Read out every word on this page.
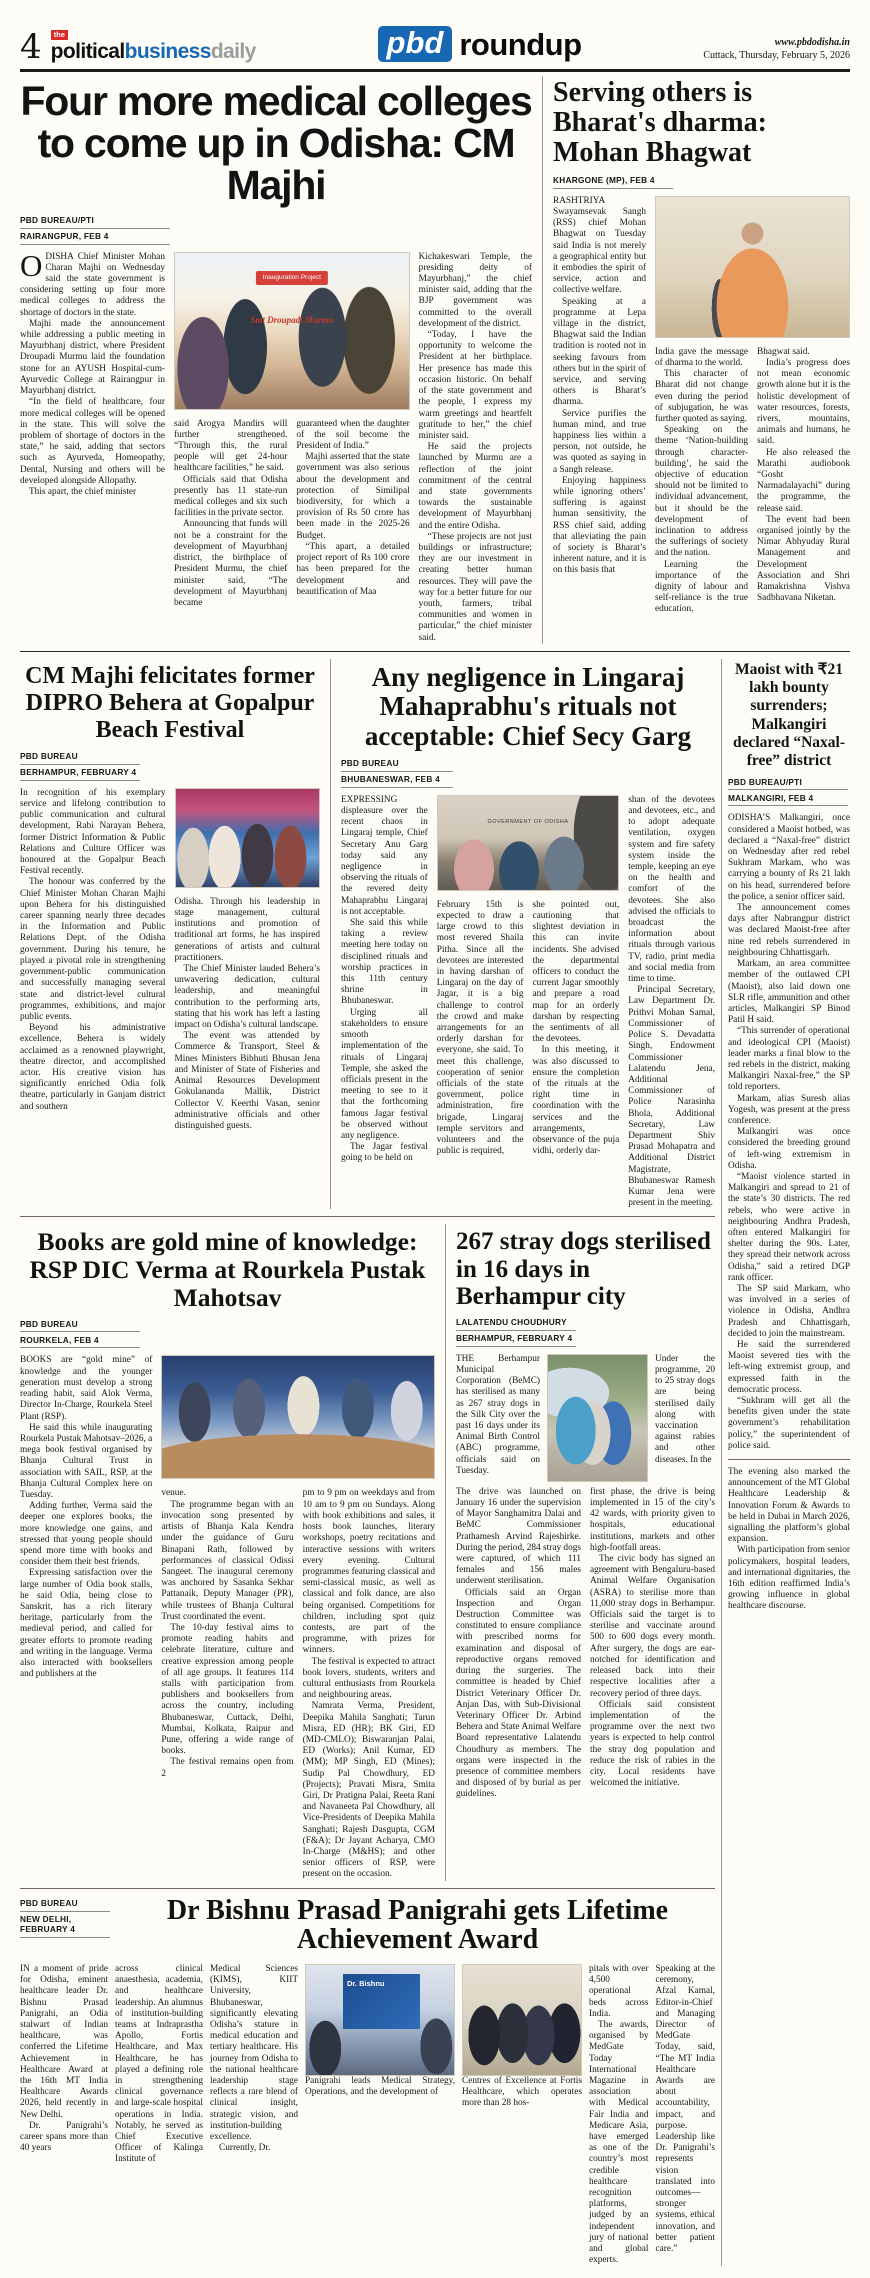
4	the
politicalbusinessdaily	pbd roundup	www.pbdodisha.in
Cuttack, Thursday, February 5, 2026
Four more medical colleges to come up in Odisha: CM Majhi
PBD BUREAU/PTI
RAIRANGPUR, FEB 4

ODISHA Chief Minister Mohan Charan Majhi on Wednesday said the state government is considering setting up four more medical colleges to address the shortage of doctors in the state.

Majhi made the announcement while addressing a public meeting in Mayurbhanj district, where President Droupadi Murmu laid the foundation stone for an AYUSH Hospital-cum-Ayurvedic College at Rairangpur in Mayurbhanj district.

“In the field of healthcare, four more medical colleges will be opened in the state. This will solve the problem of shortage of doctors in the state,” he said, adding that sectors such as Ayurveda, Homeopathy, Dental, Nursing and others will be developed alongside Allopathy.

This apart, the chief minister

Inauguration Project
Smt Droupadi Murmu

said Arogya Mandirs will further strengthened. “Through this, the rural people will get 24-hour healthcare facilities,” he said.

Officials said that Odisha presently has 11 state-run medical colleges and six such facilities in the private sector.

Announcing that funds will not be a constraint for the development of Mayurbhanj district, the birthplace of President Murmu, the chief minister said, “The development of Mayurbhanj became

guaranteed when the daughter of the soil become the President of India.”

Majhi asserted that the state government was also serious about the development and protection of Similipal biodiversity, for which a provision of Rs 50 crore has been made in the 2025-26 Budget.

“This apart, a detailed project report of Rs 100 crore has been prepared for the development and beautification of Maa

Kichakeswari Temple, the presiding deity of Mayurbhanj,” the chief minister said, adding that the BJP government was committed to the overall development of the district.

“Today, I have the opportunity to welcome the President at her birthplace. Her presence has made this occasion historic. On behalf of the state government and the people, I express my warm greetings and heartfelt gratitude to her,” the chief minister said.

He said the projects launched by Murmu are a reflection of the joint commitment of the central and state governments towards the sustainable development of Mayurbhanj and the entire Odisha.

“These projects are not just buildings or infrastructure; they are our investment in creating better human resources. They will pave the way for a better future for our youth, farmers, tribal communities and women in particular,” the chief minister said.

Serving others is Bharat's dharma: Mohan Bhagwat
KHARGONE (MP), FEB 4

RASHTRIYA Swayamsevak Sangh (RSS) chief Mohan Bhagwat on Tuesday said India is not merely a geographical entity but it embodies the spirit of service, action and collective welfare.

Speaking at a programme at Lepa village in the district, Bhagwat said the Indian tradition is rooted not in seeking favours from others but in the spirit of service, and serving others is Bharat’s dharma.

Service purifies the human mind, and true happiness lies within a person, not outside, he was quoted as saying in a Sangh release.

Enjoying happiness while ignoring others’ suffering is against human sensitivity, the RSS chief said, adding that alleviating the pain of society is Bharat’s inherent nature, and it is on this basis that

India gave the message of dharma to the world.

This character of Bharat did not change even during the period of subjugation, he was further quoted as saying.

Speaking on the theme ‘Nation-building through character-building’, he said the objective of education should not be limited to individual advancement, but it should be the development of inclination to address the sufferings of society and the nation.

Learning the importance of the dignity of labour and self-reliance is the true education,

Bhagwat said.

India’s progress does not mean economic growth alone but it is the holistic development of water resources, forests, rivers, mountains, animals and humans, he said.

He also released the Marathi audiobook “Gosht Narmadalayachi” during the programme, the release said.

The event had been organised jointly by the Nimar Abhyuday Rural Management and Development Association and Shri Ramakrishna Vishva Sadbhavana Niketan.

CM Majhi felicitates former DIPRO Behera at Gopalpur Beach Festival
PBD BUREAU
BERHAMPUR, FEBRUARY 4

In recognition of his exemplary service and lifelong contribution to public communication and cultural development, Rabi Narayan Behera, former District Information & Public Relations and Culture Officer was honoured at the Gopalpur Beach Festival recently.

The honour was conferred by the Chief Minister Mohan Charan Majhi upon Behera for his distinguished career spanning nearly three decades in the Information and Public Relations Dept. of the Odisha government. During his tenure, he played a pivotal role in strengthening government-public communication and successfully managing several state and district-level cultural programmes, exhibitions, and major public events.

Beyond his administrative excellence, Behera is widely acclaimed as a renowned playwright, theatre director, and accomplished actor. His creative vision has significantly enriched Odia folk theatre, particularly in Ganjam district and southern

Odisha. Through his leadership in stage management, cultural institutions and promotion of traditional art forms, he has inspired generations of artists and cultural practitioners.

The Chief Minister lauded Behera’s unwavering dedication, cultural leadership, and meaningful contribution to the performing arts, stating that his work has left a lasting impact on Odisha’s cultural landscape.

The event was attended by Commerce & Transport, Steel & Mines Ministers Bibhuti Bhusan Jena and Minister of State of Fisheries and Animal Resources Development Gokulananda Mallik, District Collector V. Keerthi Vasan, senior administrative officials and other distinguished guests.

Any negligence in Lingaraj Mahaprabhu's rituals not acceptable: Chief Secy Garg
PBD BUREAU
BHUBANESWAR, FEB 4

EXPRESSING displeasure over the recent chaos in Lingaraj temple, Chief Secretary Anu Garg today said any negligence in observing the rituals of the revered deity Mahaprabhu Lingaraj is not acceptable.

She said this while taking a review meeting here today on disciplined rituals and worship practices in this 11th century shrine in Bhubaneswar.

Urging all stakeholders to ensure smooth implementation of the rituals of Lingaraj Temple, she asked the officials present in the meeting to see to it that the forthcoming famous Jagar festival be observed without any negligence.

The Jagar festival going to be held on

GOVERNMENT OF ODISHA

February 15th is expected to draw a large crowd to this most revered Shaila Pitha. Since all the devotees are interested in having darshan of Lingaraj on the day of Jagar, it is a big challenge to control the crowd and make arrangements for an orderly darshan for everyone, she said. To meet this challenge, cooperation of senior officials of the state government, police administration, fire brigade, Lingaraj temple servitors and volunteers and the public is required,

she pointed out, cautioning that slightest deviation in this can invite incidents. She advised the departmental officers to conduct the current Jagar smoothly and prepare a road map for an orderly darshan by respecting the sentiments of all the devotees.

In this meeting, it was also discussed to ensure the completion of the rituals at the right time in coordination with the services and the arrangements, observance of the puja vidhi, orderly dar-

shan of the devotees and devotees, etc., and to adopt adequate ventilation, oxygen system and fire safety system inside the temple, keeping an eye on the health and comfort of the devotees. She also advised the officials to broadcast the information about rituals through various TV, radio, print media and social media from time to time.

Principal Secretary, Law Department Dr. Prithvi Mohan Samal, Commissioner of Police S. Devadatta Singh, Endowment Commissioner Lalatendu Jena, Additional Commissioner of Police Narasinha Bhola, Additional Secretary, Law Department Shiv Prasad Mohapatra and Additional District Magistrate, Bhubaneswar Ramesh Kumar Jena were present in the meeting.

Books are gold mine of knowledge: RSP DIC Verma at Rourkela Pustak Mahotsav
PBD BUREAU
ROURKELA, FEB 4

BOOKS are “gold mine” of knowledge and the younger generation must develop a strong reading habit, said Alok Verma, Director In-Charge, Rourkela Steel Plant (RSP).

He said this while inaugurating Rourkela Pustak Mahotsav–2026, a mega book festival organised by Bhanja Cultural Trust in association with SAIL, RSP, at the Bhanja Cultural Complex here on Tuesday.

Adding further, Verma said the deeper one explores books, the more knowledge one gains, and stressed that young people should spend more time with books and consider them their best friends.

Expressing satisfaction over the large number of Odia book stalls, he said Odia, being close to Sanskrit, has a rich literary heritage, particularly from the medieval period, and called for greater efforts to promote reading and writing in the language. Verma also interacted with booksellers and publishers at the

venue.

The programme began with an invocation song presented by artists of Bhanja Kala Kendra under the guidance of Guru Binapani Rath, followed by performances of classical Odissi Sangeet. The inaugural ceremony was anchored by Sasanka Sekhar Pattanaik, Deputy Manager (PR), while trustees of Bhanja Cultural Trust coordinated the event.

The 10-day festival aims to promote reading habits and celebrate literature, culture and creative expression among people of all age groups. It features 114 stalls with participation from publishers and booksellers from across the country, including Bhubaneswar, Cuttack, Delhi, Mumbai, Kolkata, Raipur and Pune, offering a wide range of books.

The festival remains open from 2

pm to 9 pm on weekdays and from 10 am to 9 pm on Sundays. Along with book exhibitions and sales, it hosts book launches, literary workshops, poetry recitations and interactive sessions with writers every evening. Cultural programmes featuring classical and semi-classical music, as well as classical and folk dance, are also being organised. Competitions for children, including spot quiz contests, are part of the programme, with prizes for winners.

The festival is expected to attract book lovers, students, writers and cultural enthusiasts from Rourkela and neighbouring areas.

Namrata Verma, President, Deepika Mahila Sanghati; Tarun Misra, ED (HR); BK Giri, ED (MD-CMLO); Biswaranjan Palai, ED (Works); Anil Kumar, ED (MM); MP Singh, ED (Mines); Sudip Pal Chowdhury, ED (Projects); Pravati Misra, Smita Giri, Dr Pratigna Palai, Reeta Rani and Navaneeta Pal Chowdhury, all Vice-Presidents of Deepika Mahila Sanghati; Rajesh Dasgupta, CGM (F&A); Dr Jayant Acharya, CMO In-Charge (M&HS); and other senior officers of RSP, were present on the occasion.

267 stray dogs sterilised in 16 days in Berhampur city
LALATENDU CHOUDHURY
BERHAMPUR, FEBRUARY 4

THE Berhampur Municipal Corporation (BeMC) has sterilised as many as 267 stray dogs in the Silk City over the past 16 days under its Animal Birth Control (ABC) programme, officials said on Tuesday.

Under the programme, 20 to 25 stray dogs are being sterilised daily along with vaccination against rabies and other diseases. In the

The drive was launched on January 16 under the supervision of Mayor Sanghamitra Dalai and BeMC Commissioner Prathamesh Arvind Rajeshirke. During the period, 284 stray dogs were captured, of which 111 females and 156 males underwent sterilisation.

Officials said an Organ Inspection and Organ Destruction Committee was constituted to ensure compliance with prescribed norms for examination and disposal of reproductive organs removed during the surgeries. The committee is headed by Chief District Veterinary Officer Dr. Anjan Das, with Sub-Divisional Veterinary Officer Dr. Arbind Behera and State Animal Welfare Board representative Lalatendu Choudhury as members. The organs were inspected in the presence of committee members and disposed of by burial as per guidelines.

first phase, the drive is being implemented in 15 of the city’s 42 wards, with priority given to hospitals, educational institutions, markets and other high-footfall areas.

The civic body has signed an agreement with Bengaluru-based Animal Welfare Organisation (ASRA) to sterilise more than 11,000 stray dogs in Berhampur. Officials said the target is to sterilise and vaccinate around 500 to 600 dogs every month. After surgery, the dogs are ear-notched for identification and released back into their respective localities after a recovery period of three days.

Officials said consistent implementation of the programme over the next two years is expected to help control the stray dog population and reduce the risk of rabies in the city. Local residents have welcomed the initiative.

PBD BUREAU
NEW DELHI, FEBRUARY 4
Dr Bishnu Prasad Panigrahi gets Lifetime Achievement Award

IN a moment of pride for Odisha, eminent healthcare leader Dr. Bishnu Prasad Panigrahi, an Odia stalwart of Indian healthcare, was conferred the Lifetime Achievement in Healthcare Award at the 16th MT India Healthcare Awards 2026, held recently in New Delhi.

Dr. Panigrahi’s career spans more than 40 years

across clinical anaesthesia, academia, and healthcare leadership. An alumnus of institution-building teams at Indraprastha Apollo, Fortis Healthcare, and Max Healthcare, he has played a defining role in strengthening clinical governance and large-scale hospital operations in India. Notably, he served as Chief Executive Officer of Kalinga Institute of

Medical Sciences (KIMS), KIIT University, Bhubaneswar, significantly elevating Odisha’s stature in medical education and tertiary healthcare. His journey from Odisha to the national healthcare leadership stage reflects a rare blend of clinical insight, strategic vision, and institution-building excellence.

Currently, Dr.

Dr. Bishnu

Panigrahi leads Medical Strategy, Operations, and the development of

Centres of Excellence at Fortis Healthcare, which operates more than 28 hos-

pitals with over 4,500 operational beds across India.

The awards, organised by MedGate Today International Magazine in association with Medical Fair India and Medicare Asia, have emerged as one of the country’s most credible healthcare recognition platforms, judged by an independent jury of national and global experts.

Speaking at the ceremony, Afzal Kamal, Editor-in-Chief and Managing Director of MedGate Today, said, “The MT India Healthcare Awards are about accountability, impact, and purpose. Leadership like Dr. Panigrahi’s represents vision translated into outcomes—stronger systems, ethical innovation, and better patient care.”

Maoist with ₹21 lakh bounty surrenders; Malkangiri declared “Naxal-free” district
PBD BUREAU/PTI
MALKANGIRI, FEB 4

ODISHA’S Malkangiri, once considered a Maoist hotbed, was declared a “Naxal-free” district on Wednesday after red rebel Sukhram Markam, who was carrying a bounty of Rs 21 lakh on his head, surrendered before the police, a senior officer said.

The announcement comes days after Nabrangpur district was declared Maoist-free after nine red rebels surrendered in neighbouring Chhattisgarh.

Markam, an area committee member of the outlawed CPI (Maoist), also laid down one SLR rifle, ammunition and other articles, Malkangiri SP Binod Patil H said.

“This surrender of operational and ideological CPI (Maoist) leader marks a final blow to the red rebels in the district, making Malkangiri Naxal-free,” the SP told reporters.

Markam, alias Suresh alias Yogesh, was present at the press conference.

Malkangiri was once considered the breeding ground of left-wing extremism in Odisha.

“Maoist violence started in Malkangiri and spread to 21 of the state’s 30 districts. The red rebels, who were active in neighbouring Andhra Pradesh, often entered Malkangiri for shelter during the 90s. Later, they spread their network across Odisha,” said a retired DGP rank officer.

The SP said Markam, who was involved in a series of violence in Odisha, Andhra Pradesh and Chhattisgarh, decided to join the mainstream.

He said the surrendered Maoist severed ties with the left-wing extremist group, and expressed faith in the democratic process.

“Sukhram will get all the benefits given under the state government’s rehabilitation policy,” the superintendent of police said.

The evening also marked the announcement of the MT Global Healthcare Leadership & Innovation Forum & Awards to be held in Dubai in March 2026, signalling the platform’s global expansion.

With participation from senior policymakers, hospital leaders, and international dignitaries, the 16th edition reaffirmed India’s growing influence in global healthcare discourse.
